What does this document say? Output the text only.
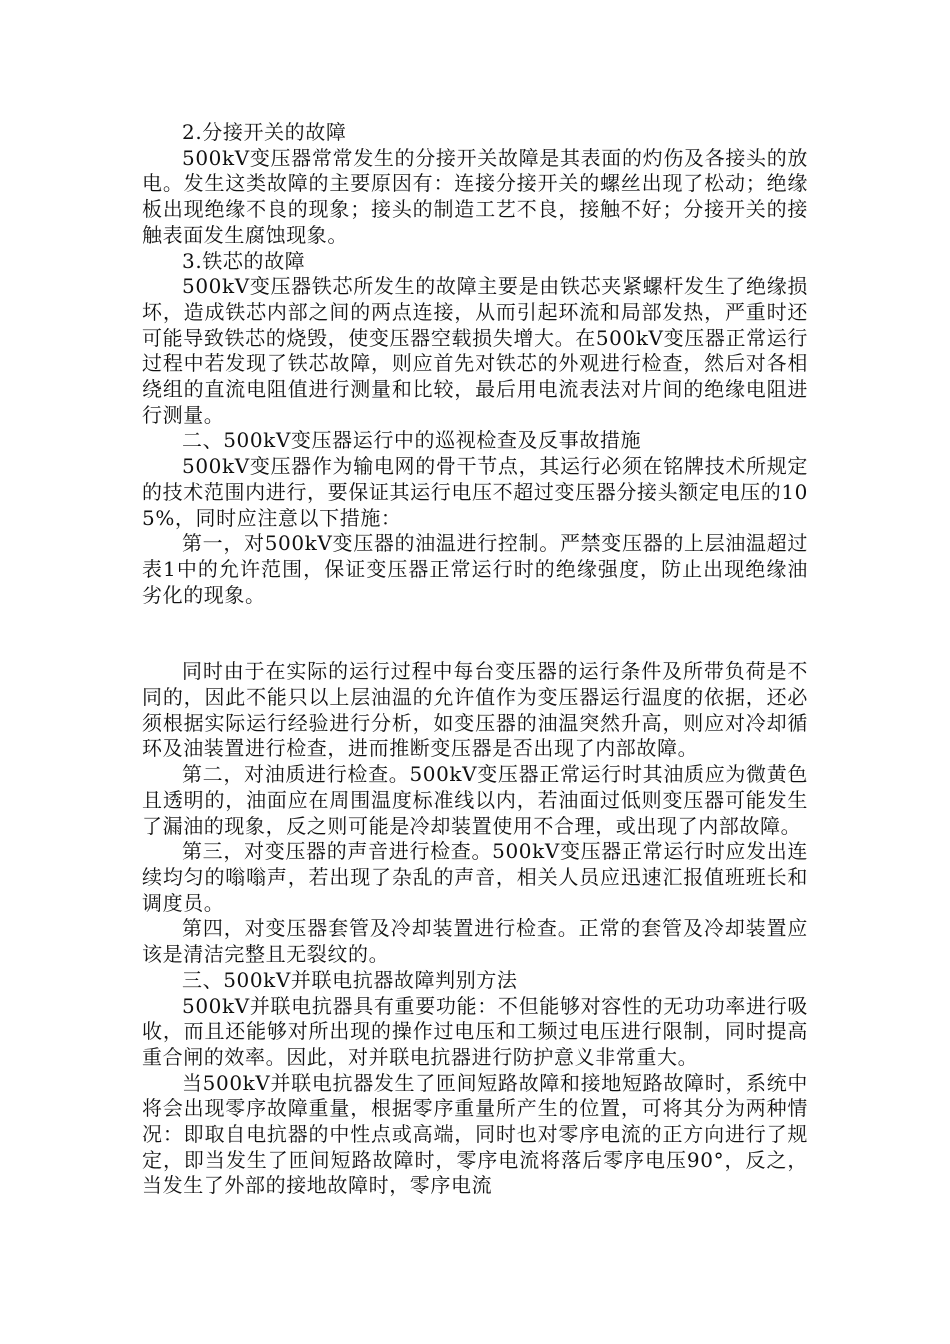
2.分接开关的故障

500kV变压器常常发生的分接开关故障是其表面的灼伤及各接头的放电。发生这类故障的主要原因有：连接分接开关的螺丝出现了松动；绝缘板出现绝缘不良的现象；接头的制造工艺不良，接触不好；分接开关的接触表面发生腐蚀现象。

3.铁芯的故障

500kV变压器铁芯所发生的故障主要是由铁芯夹紧螺杆发生了绝缘损坏，造成铁芯内部之间的两点连接，从而引起环流和局部发热，严重时还可能导致铁芯的烧毁，使变压器空载损失增大。在500kV变压器正常运行过程中若发现了铁芯故障，则应首先对铁芯的外观进行检查，然后对各相绕组的直流电阻值进行测量和比较，最后用电流表法对片间的绝缘电阻进行测量。

二、500kV变压器运行中的巡视检查及反事故措施

500kV变压器作为输电网的骨干节点，其运行必须在铭牌技术所规定的技术范围内进行，要保证其运行电压不超过变压器分接头额定电压的105%，同时应注意以下措施：

第一，对500kV变压器的油温进行控制。严禁变压器的上层油温超过表1中的允许范围，保证变压器正常运行时的绝缘强度，防止出现绝缘油劣化的现象。

同时由于在实际的运行过程中每台变压器的运行条件及所带负荷是不同的，因此不能只以上层油温的允许值作为变压器运行温度的依据，还必须根据实际运行经验进行分析，如变压器的油温突然升高，则应对冷却循环及油装置进行检查，进而推断变压器是否出现了内部故障。

第二，对油质进行检查。500kV变压器正常运行时其油质应为微黄色且透明的，油面应在周围温度标准线以内，若油面过低则变压器可能发生了漏油的现象，反之则可能是冷却装置使用不合理，或出现了内部故障。

第三，对变压器的声音进行检查。500kV变压器正常运行时应发出连续均匀的嗡嗡声，若出现了杂乱的声音，相关人员应迅速汇报值班班长和调度员。

第四，对变压器套管及冷却装置进行检查。正常的套管及冷却装置应该是清洁完整且无裂纹的。

三、500kV并联电抗器故障判别方法

500kV并联电抗器具有重要功能：不但能够对容性的无功功率进行吸收，而且还能够对所出现的操作过电压和工频过电压进行限制，同时提高重合闸的效率。因此，对并联电抗器进行防护意义非常重大。

当500kV并联电抗器发生了匝间短路故障和接地短路故障时，系统中将会出现零序故障重量，根据零序重量所产生的位置，可将其分为两种情况：即取自电抗器的中性点或高端，同时也对零序电流的正方向进行了规定，即当发生了匝间短路故障时，零序电流将落后零序电压90°，反之，当发生了外部的接地故障时，零序电流
